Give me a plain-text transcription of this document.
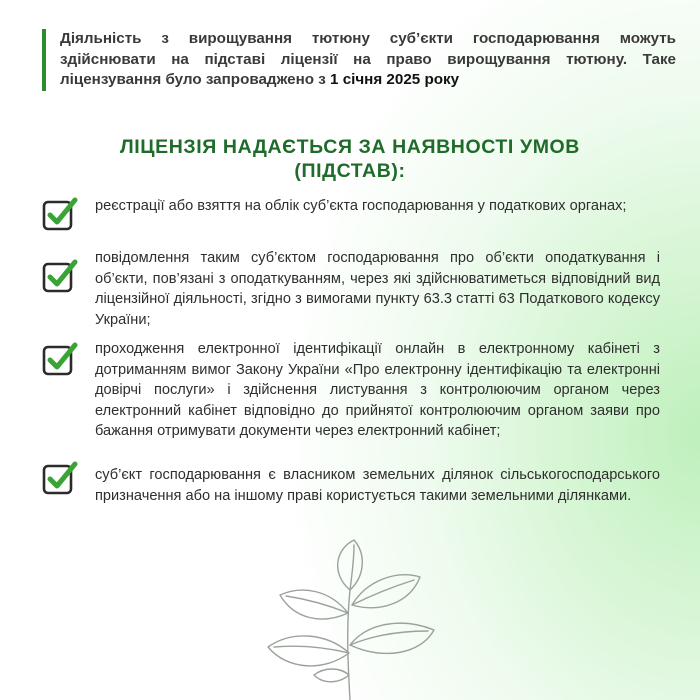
Діяльність з вирощування тютюну суб’єкти господарювання можуть здійснювати на підставі ліцензії на право вирощування тютюну. Таке ліцензування було запроваджено з 1 січня 2025 року
ЛІЦЕНЗІЯ НАДАЄТЬСЯ ЗА НАЯВНОСТІ УМОВ
(ПІДСТАВ):
реєстрації або взяття на облік суб’єкта господарювання у податкових органах;
повідомлення таким суб’єктом господарювання про об’єкти оподаткування і об’єкти, пов’язані з оподаткуванням, через які здійснюватиметься відповідний вид ліцензійної діяльності, згідно з вимогами пункту 63.3 статті 63 Податкового кодексу України;
проходження електронної ідентифікації онлайн в електронному кабінеті з дотриманням вимог Закону України «Про електронну ідентифікацію та електронні довірчі послуги» і здійснення листування з контролюючим органом через електронний кабінет відповідно до прийнятої контролюючим органом заяви про бажання отримувати документи через електронний кабінет;
суб’єкт господарювання є власником земельних ділянок сільськогосподарського призначення або на іншому праві користується такими земельними ділянками.
